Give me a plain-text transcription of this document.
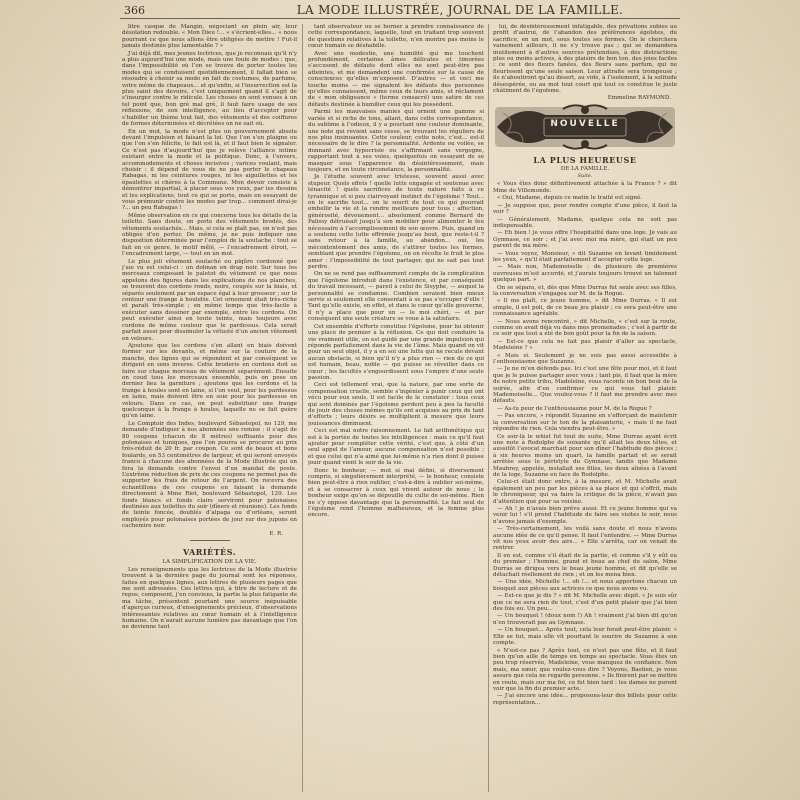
366	LA MODE ILLUSTRÉE, JOURNAL DE LA FAMILLE.

litre casque de Mangin, négociant en plein air, leur désolation redouble. « Mon Dieu !... » s’écrient-elles... « nous pourrant ce que nous allons être obligées de mettre ! Fut-il jamais destinée plus lamentable ? »

J’ai déjà dit, mes jeunes lectrices, que je reconnais qu’il n’y a plus aujourd’hui une mode, mais une foule de modes ; que, dans l’impossibilité où l’on se trouve de porter toutes les modes qui se conduisent quotidiennement, il fallait bien se résoudre à choisir sa mode en fait de costumes, de parfums, votre même de chapeaux... et qu’enfin, si l’insurrection est la plus saint des devoirs, c’est uniquement quand il s’agit de s’insurger contre le ridicule. Les choses en sont venues à un tel point que, bon gré mal gré, il faut faire usage de ses réflexions, de son intelligence, au lieu d’accepter pour s’habiller un thème tout fait, des vêtements et des coiffures de formes déterminées et décrétées on ne sait où.

En un mot, la mode n’est plus un gouvernement absolu devant l’impulsion et faisant la loi. Que l’on s’en plaigne ou que l’on s’en félicite, le fait est là, et il faut bien le signaler. Ce n’est pas d’aujourd’hui que je relève l’alliance intime existant entre la mode et la politique. Donc, à l’envers, accommodements et choses incisives ; varices voulant, mais choisir : il dépend de vous de ne pas porter le chapeau Rabagas, ni les ceintures rouges, ni les aiguillettes et les épaulettes si chères à la Commune. Mon devoir consiste à démontrer impartial, à placer sous vos yeux, par les dessins et les explications, tout ce qui se porte, mais en essayant de vous prémunir contre les modes par trop... comment dirai-je ?... un peu Rabagas !

Même observation en ce qui concerne tous les détails de la toilette. Sans doute, on porte des vêtements brodés, des vêtements soutachés... Mais, si cela se plaît pas, on n’est pas obligée d’en porter. De même, je ne puis indiquer une disposition déterminée pour l’emploi de la soutache : tout se fait en ce genre, le motif mêlé, — l’encadrement étroit, — l’encadrement large, — tout en un mot.

Le plus joli vêtement soutaché ou piqûre cordonné que j’aie vu est celui-ci : un dolman en drap noir. Sur tous les morceaux composant le paletot du vêtement ce que nous appelons des figures dans les explications de nos planches, se trouvent des cordons ronds, noirs, coupés sur la biais, et séparés seulement par un espace égal à leur grosseur ; sur le contour une frange à houlette. Cet ornement était très-riche et paraît très-simple ; en même temps que très-facile à exécuter sans dessiner par exemple, entre les cordons. On peut exécuter ainsi en toute teinte, mais toujours avec cordons de même couleur que le pardessus. Cela serait parfait aussi pour dissimuler la vétusté d’un ancien vêtement en velours.

Ajoutons que les cordons s’en allant en biais doivent former sur les devants, et même sur la couture de la manche, des lignes qui se répondent et par conséquent se dirigent en sens inverse. Cette broderie en cordons doit se faire sur chaque morceau de vêtement séparément. Ensuite on coud tous les morceaux ensemble, puis on pose en dernier lieu la garniture ; ajoutons que les cordons et la frange à houles sont en laine, si l’on veut, pour les pardessus en laine, mais doivent être en soie pour les pardessus en velours. Dans ce cas, on peut substituer une frange quelconque à la frange à houles, laquelle ne se fait guère qu’en laine.

Le Comptoir des Indes, boulevard Sébastopol, no 129, me demande d’indiquer à nos abonnées une remise : il s’agit de 80 coupons (chacun de 8 mètres) suffisants pour des polonaises et tuniques, que l’on pourra se procurer au prix très-réduit de 20 fr. par coupon. Ce sont de beaux et bons foulards, en 53 centimètres de largeur, et qui seront envoyés franco à chacune des abonnées de la Mode illustrée qui en fera la demande contre l’envoi d’un mandat de poste. L’extrême réduction de prix de ces coupons ne permet pas de supporter les frais de retour de l’argent. On recevra des échantillons de ces coupons en faisant la demande directement à Mme Riot, boulevard Sébastopol, 129. Les fonds blancs et fonds clairs serviront pour polonaises destinées aux toilettes du soir (dîners et réunions). Les fonds de teinte foncée, doublés d’alpaga ou d’orléans, seront employés pour polonaises portées de jour sur des jupons en cachemire noir.

E. R.
VARIÉTÉS.
LA SIMPLIFICATION DE LA VIE.

Les renseignements que les lectrices de la Mode illustrée trouvent à la dernière page du journal sont les réponses, faites en quelques lignes, aux lettres de plusieurs pages que me sont adressées. Ces lettres qui, à titre de lecture et de repos, composent, j’en conviens, la partie la plus fatigante de ma tâche, présentent pourtant une source inépuisable d’aperçus curieux, d’enseignements précieux, d’observations intéressantes relatives au cœur humain et à l’intelligence humaine. On n’aurait aucune lumière pas davantage que l’on ne devienne tant

tant observateur ou se borner à prendre connaissance de cette correspondance, laquelle, tout en traitant trop souvent de questions relatives à la toilette, n’en montre pas moins le cœur humain se déshabille.

Avec une modestie, une humilité qui me touchent profondément, certaines âmes délicates et timorées s’accusent de défauts dont elles ne sont peut-être pas atteintes, et me demandent une confirmée sur la cause de consciences qu’elles m’exposent. D’autres — et ceci me touche moins — me signalent les défauts des personnes qu’elles connaissent, même ceux de leurs amis, et réclament de « mon obligeance » (terme consacré) une satire de ces défauts destinée à humilier ceux qui les possèdent.

Parmi les mauvaises manies qui ornent une gamme si variée et si riche de tons, allant, dans cette correspondance, du sublime à l’odieux, il y a pourtant une couleur dominante, une note qui revient sans cesse, se trouvant les réguliers de nos plus insinuantes. Cette couleur, cette note, c’est... est-il nécessaire de le dire ? la personnalité. Ardente ou voilée, se donnant avec hypocrisie ou s’affirmant sans vergogne, rapportant tout à ses voies, quelquefois on essayant de se masquer sous l’apparence du désintéressement, mais toujours, et en toute circonstance, la personnalité.

Je l’étudie souvent avec tristesse, souvent aussi avec stupeur. Quels effets ! quelle lutte engagée et soutenue avec ténacité ! quels sacrifices de toute nature faits à ce tyrannique et si peu clairvoyant instinct de l’égoïsme ! Tout... on le sacrifie tout... on le sourit de tout ce qui pourrait embellir la vie et la rendre meilleure pour tous : affection, générosité, dévouement... absolument comme Bernard de Palissy détruisait jusqu’à son mobilier pour alimenter le feu nécessaire à l’accomplissement de son œuvre. Puis, quand on a soutenu cette lutte effrénée jusqu’au bout, que reste-t-il ? sans retour à la famille, au abandon... oui, les mécontentement des amis, de s’attirer toutes les formes, semblant que prendre l’égoïsme, on en récolte le fruit le plus amer : l’impossibilité de tout partager, qui ne sait pas tout perdre.

On ne se rend pas suffisamment compte de la complication que l’égoïsme introduit dans l’existence, et par conséquent du travail incessant, — pareil à celui de Sisyphe, — auquel la personnalité se condamne. Combien seraient bien mieux servis si seulement elle consentait à se pas s’occuper d’elle ! Tant qu’elle existe, en effet, et dans le cœur qu’elle gouverne, il n’y a place que pour un — le moi chéri, — et par conséquent une seule créature se voue à la satisfaire.

Cet ensemble d’efforts constitue l’égoïsme, pour lui obtenir une place de premier à la réflexion. Ce qui doit conduire la vie vraiment utile, on est guidé par une grande impulsion qui réponde parfaitement dans la vie de l’âme. Mais quand on vit pour un seul objet, il y a en soi une lutte qui ne recule devant aucun obstacle, si bien qu’il n’y a plus rien — rien de ce qui est humain, beau, noble — qui puisse se réveiller dans ce cœur ; les facultés s’engourdissent sous l’empire d’une seule passion.

Ceci est tellement vrai, que la nature, par une sorte de compensation cruelle, semble s’ingénier à punir ceux qui ont vécu pour eux seuls. Il est facile de le constater : tous ceux qui sont dominés par l’égoïsme perdent peu à peu la faculté de jouir des choses mêmes qu’ils ont acquises au prix de tant d’efforts ; leurs désirs se multiplient à mesure que leurs jouissances diminuent.

Ceci est mal notre raisonnement. Le fait arithmétique qui est à la portée de toutes les intelligences : mais ce qu’il faut ajouter pour compléter cette vérité, c’est que, à côté d’un seul appel de l’amour, aucune compensation n’est possible ; et que celui qui n’a aimé que lui-même n’a rien dont il puisse jouir quand vient le soir de la vie.

Donc le bonheur, — mot si mal défini, si diversement compris, si singulièrement interprété, — le bonheur, consiste bien peut-être à rien oublier, c’est-à-dire à oublier soi-même, et à se consacrer à ceux qui vivent autour de nous ; le bonheur exige qu’on se dépouille du culte de soi-même. Rien ne s’y oppose davantage que la personnalité. Le fait seul de l’égoïsme rend l’homme malheureux, et la femme plus encore.

lui, de désintéressement infatigable, des privations subies au profit d’autrui, de l’abandon des préférences égoïstes, du sacrifice, en un mot, sous toutes ses formes. On le cherchera vainement ailleurs, il ne s’y trouve pas ; qui se demandera inutilement à d’autres sources prétendues, à des distractions plus ou moins actives, à des plaisirs de bon ton, des joies faciles : ce sont des fleurs fanées, des fleurs sans parfum, qui ne fleurissent qu’une seule saison. Leur attraite sera trompeuse ; ils n’aboutiront qu’au désert, au vide, à l’isolement, à la solitude désespérée, ou au mot tout court qui tout ce constitue le juste châtiment de l’égoïsme.

Emmeline RAYMOND.
NOUVELLE
LA PLUS HEUREUSE
DE LA FAMILLE.
Suite.

« Vous êtes donc définitivement attachée à la France ? » dit Mme de Villemonde.

« Oui, Madame, depuis ce matin le traité est signé.

— Je suppose que, pour rendre compte d’une pièce, il faut la voir ?

— Généralement, Madame, quelque cela ne soit pas indispensable.

— Eh bien ! je vous offre l’hospitalité dans une loge. Je vais au Gymnase, ce soir ; et j’ai avec moi ma mère, qui était un peu parent de ma mère.

— Vous voyez, Monsieur, » dit Suzanne en levant timidement les yeux, « qu’il était parfaitement d’accepter cette loge.

— Mais non, Mademoiselle ; de plusieurs de premières ouvreuses m’est accordé, et j’aurais toujours trouvé un talonnet quelque part. »

On se sépara, et, dès que Mme Durras fut seule avec ses filles, la conversation s’engagea sur M. de la Rogue.

« Il me plaît, ce jeune homme, » dit Mme Durras. « Il est simple, il est poli, de ce beau jeu plaisir ; ce sera peut-être une connaissance agréable.

— Nous avons rencontré, » dit Michelle, « c’est sur la route, comme on avait déjà vu dans mes promenades ; c’est à partir de ce soir que tout a été de bon goût pour la fin de la saison.

— Est-ce que cela ne fait pas plaisir d’aller au spectacle, Madeleine ? »

« Mais si. Seulement je ne suis pas aussi accessible à l’enthousiasme que Suzanne.

— Je ne m’en défends pas. Ici c’est une fête pour moi, et il faut que je le puisse partager avec vous ; tant pis, il faut que la mère de notre petite tribu, Madeleine, vous raconte un bon bout de la soirée, afin d’en confirmer ce qui vous fait plaisir. Mademoiselle... Que voulez-vous ? il faut me prendre avec mes défauts.

— As-tu peur de l’enthousiasme pour M. de la Rogue ?

— Pas encore, » répondit Suzanne en s’efforçant de maintenir la conversation sur le ton de la plaisanterie, « mais il ne faut répondre de rien. Cela viendra peut-être. »

Ce soir-là le whist fut tout de suite, Mme Durras ayant écrit une note à Rodolphe de soixante qu’il allait les deux têtes, et aussitôt l’avocat marchait pour son dîner l’habitude des pièces ; à six heures moins un quart, la famille partait et se serait arrêtée sous le péristyle du Gymnase, tandis que Madame Maubrey, appelée, installait ses filles, les deux aînées à l’avant de la loge, Suzanne en face de Rodolphe.

Celui-ci était donc entre, à la mesure, et M. Michelle avait également un peu par les pièces à sa place et qui s’offrit, mais le chroniqueur, qui va faire la critique de la pièce, n’avait pas d’attention que pour sa voisine.

— Ah ! je n’avais bien prévu aussi. Et ce jeune homme qui va venir lui ! s’il prend l’habitude de faire ses visites le soir, nous n’avons jamais d’exemple.

— Très-certainement, les voilà sans doute et nous n’avons aucune idée de ce qu’il pense. Il faut l’entendre. — Mme Durras vit nos yeux avoir des airs... » Elle s’arrêta, car on venait de rentrer.

Il en est, comme s’il était de la partie, et comme s’il y eût eu du premier ; l’homme, grand et beau au chef du salon, Mme Durras se dirigea vers le beau jeune homme, et dit qu’elle se détachait réellement de rien ; et on les mena bien.

— Une idée, Michelle !... oh !... et nous apportons chacun un bouquet aux pièces aux actrices ce que nous avons vu.

— Est-ce que je dis ? » dit M. Michelle avec dépit. « Je suis sûr que ce ne sera rien de tout, c’est d’un petit plaisir que j’ai bien des fois eu. Un peu...

— Un bouquet ! (doux nom !) Ah ! vraiment j’ai bien dit qu’on n’en trouverait pas au Gymnase.

— Un bouquet... Après tout, cela leur ferait peut-être plaisir. » Elle se tut, mais elle vit pourtant le sourire de Suzanne à son compte.

« N’est-ce pas ? Après tout, ce n’est pas une fête, et il faut bien qu’on aille de temps en temps au spectacle. Vous êtes un peu trop réservée, Madeleine, vous manquez de confiance. Non mais, ma sœur, que voulez-vous dire ? Voyons, Bastien, je vous assure que cela ne regarde personne. » Ils finirent par se mettre en route, mais sur ma foi, ce fut bien tard : les dames ne purent voir que la fin du premier acte.

— J’ai encore une idée... proposons-leur des billets pour cette représentation...
